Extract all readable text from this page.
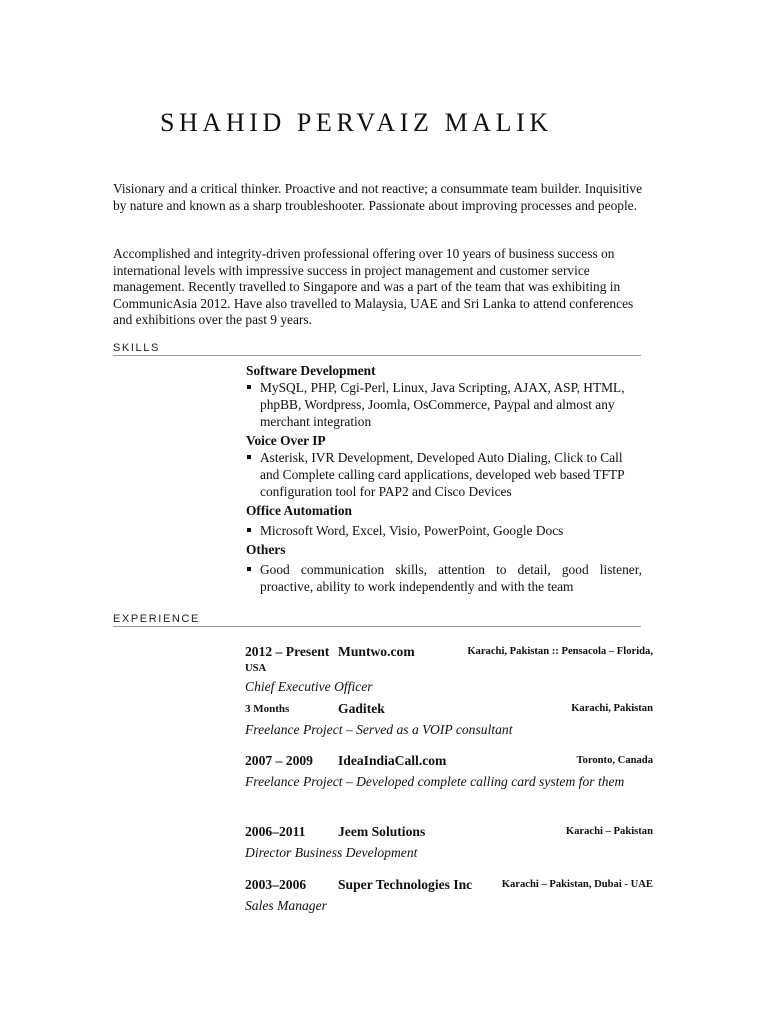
SHAHID PERVAIZ MALIK

Visionary and a critical thinker. Proactive and not reactive; a consummate team builder. Inquisitive by nature and known as a sharp troubleshooter. Passionate about improving processes and people.

Accomplished and integrity-driven professional offering over 10 years of business success on international levels with impressive success in project management and customer service management. Recently travelled to Singapore and was a part of the team that was exhibiting in CommunicAsia 2012. Have also travelled to Malaysia, UAE and Sri Lanka to attend conferences and exhibitions over the past 9 years.

SKILLS
Software Development
MySQL, PHP, Cgi-Perl, Linux, Java Scripting, AJAX, ASP, HTML, phpBB, Wordpress, Joomla, OsCommerce, Paypal and almost any merchant integration
Voice Over IP
Asterisk, IVR Development, Developed Auto Dialing, Click to Call and Complete calling card applications, developed web based TFTP configuration tool for PAP2 and Cisco Devices
Office Automation
Microsoft Word, Excel, Visio, PowerPoint, Google Docs
Others
Good communication skills, attention to detail, good listener, proactive, ability to work independently and with the team
EXPERIENCE
2012 – Present Muntwo.com	Karachi, Pakistan :: Pensacola – Florida,
USA
Chief Executive Officer
3 Months	Gaditek	Karachi, Pakistan
Freelance Project – Served as a VOIP consultant
2007 – 2009 IdeaIndiaCall.com	Toronto, Canada
Freelance Project – Developed complete calling card system for them
2006–2011 Jeem Solutions	Karachi – Pakistan
Director Business Development
2003–2006 Super Technologies Inc	Karachi – Pakistan, Dubai - UAE
Sales Manager
